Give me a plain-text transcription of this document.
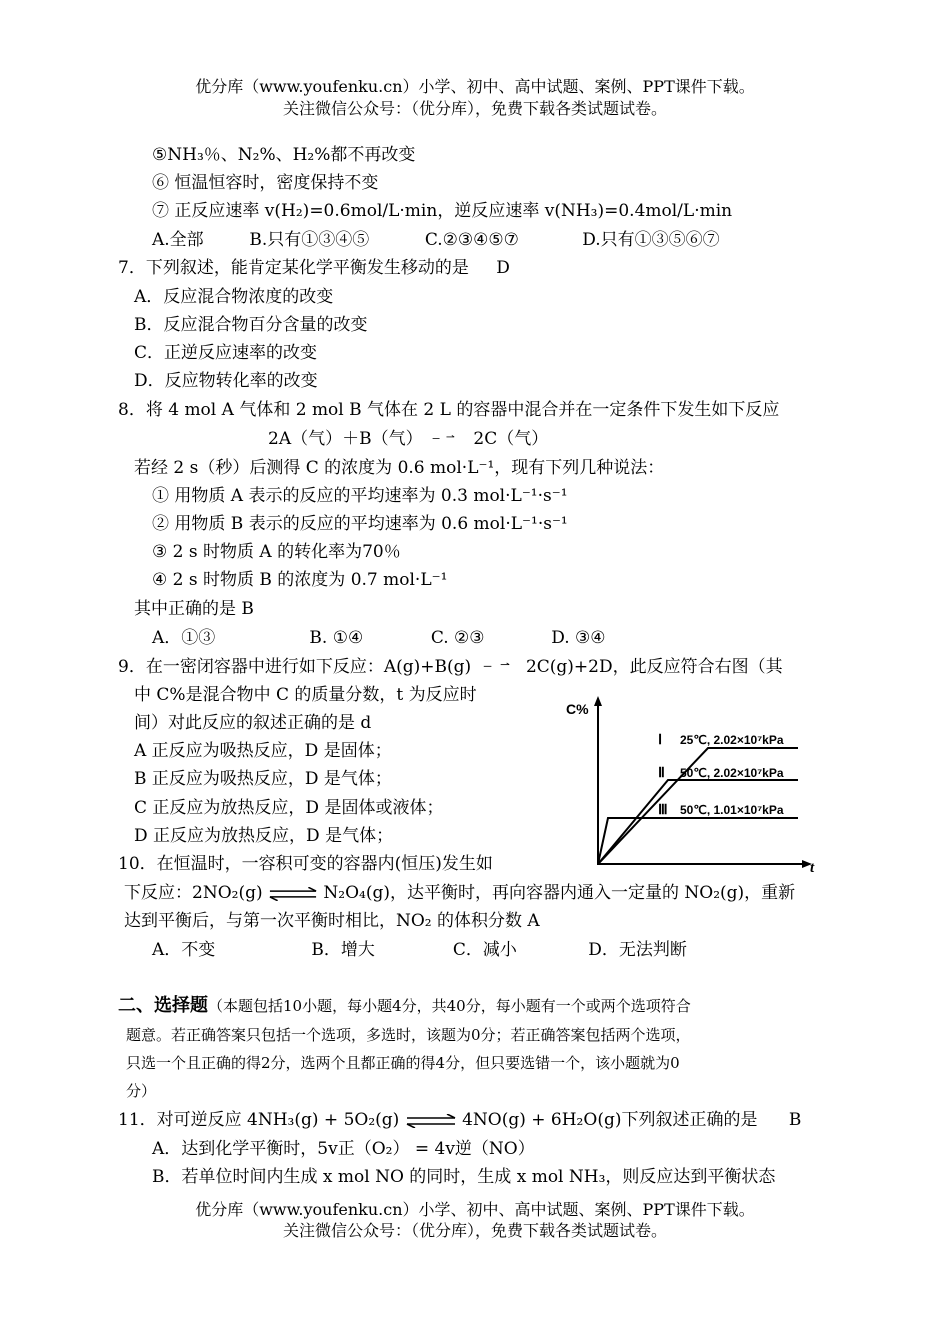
优分库（www.youfenku.cn）小学、初中、高中试题、案例、PPT课件下载。
关注微信公众号：（优分库），免费下载各类试题试卷。
⑤NH₃％、N₂%、H₂%都不再改变
⑥ 恒温恒容时，密度保持不变
⑦ 正反应速率 v(H₂)=0.6mol/L·min，逆反应速率 v(NH₃)=0.4mol/L·min
A.全部	B.只有①③④⑤	C.②③④⑤⑦	D.只有①③⑤⑥⑦
7．下列叙述，能肯定某化学平衡发生移动的是 D
A．反应混合物浓度的改变
B．反应混合物百分含量的改变
C．正逆反应速率的改变
D．反应物转化率的改变
8．将 4 mol A 气体和 2 mol B 气体在 2 L 的容器中混合并在一定条件下发生如下反应
2A（气）＋B（气）	2C（气）
若经 2 s（秒）后测得 C 的浓度为 0.6 mol·L⁻¹，现有下列几种说法：
① 用物质 A 表示的反应的平均速率为 0.3 mol·L⁻¹·s⁻¹
② 用物质 B 表示的反应的平均速率为 0.6 mol·L⁻¹·s⁻¹
③ 2 s 时物质 A 的转化率为70％
④ 2 s 时物质 B 的浓度为 0.7 mol·L⁻¹
其中正确的是 B
A．①③	B. ①④	C. ②③	D. ③④
9．在一密闭容器中进行如下反应：A(g)+B(g)	2C(g)+2D，此反应符合右图（其
中 C%是混合物中 C 的质量分数，t 为反应时
间）对此反应的叙述正确的是 d
A 正反应为吸热反应，D 是固体；
B 正反应为吸热反应，D 是气体；
C 正反应为放热反应，D 是固体或液体；
D 正反应为放热反应，D 是气体；
C%
t
Ⅰ 25℃, 2.02×10⁷kPa
Ⅱ 50℃, 2.02×10⁷kPa
Ⅲ 50℃, 1.01×10⁷kPa
10．在恒温时，一容积可变的容器内(恒压)发生如
下反应：2NO₂(g) ⇌ N₂O₄(g)，达平衡时，再向容器内通入一定量的 NO₂(g)，重新
达到平衡后，与第一次平衡时相比，NO₂ 的体积分数 A
A．不变	B．增大	C．减小	D．无法判断
二、选择题（本题包括10小题，每小题4分，共40分，每小题有一个或两个选项符合
题意。若正确答案只包括一个选项，多选时，该题为0分；若正确答案包括两个选项，
只选一个且正确的得2分，选两个且都正确的得4分，但只要选错一个，该小题就为0
分）
11．对可逆反应 4NH₃(g) + 5O₂(g) ⇌ 4NO(g) + 6H₂O(g)下列叙述正确的是 B
A．达到化学平衡时，5v正（O₂） = 4v逆（NO）
B．若单位时间内生成 x mol NO 的同时，生成 x mol NH₃，则反应达到平衡状态
优分库（www.youfenku.cn）小学、初中、高中试题、案例、PPT课件下载。
关注微信公众号：（优分库），免费下载各类试题试卷。
